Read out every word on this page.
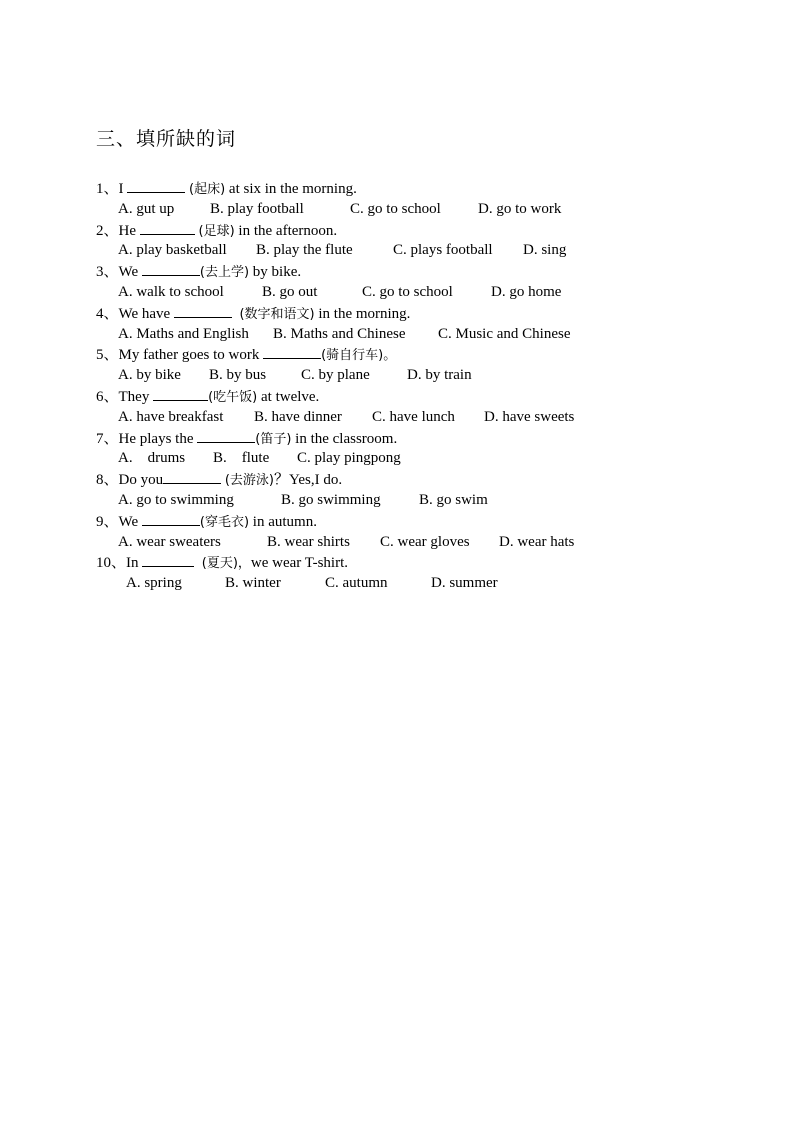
三、填所缺的词
1、I	(起床) at six in the morning.
A. gut up B. play football	C. go to school D. go to work
2、He	(足球) in the afternoon.
A. play basketball B. play the flute	C. plays football D. sing
3、We	(去上学) by bike.
A. walk to school	B. go out	C. go to school	D. go home
4、We have	(数字和语文) in the morning.
A. Maths and English B. Maths and Chinese C. Music and Chinese
5、My father goes to work	(骑自行车)。
A. by bike B. by bus C. by plane D. by train
6、They	(吃午饭) at twelve.
A. have breakfast B. have dinner C. have lunch D. have sweets
7、He plays the	(笛子) in the classroom.
A.    drums B.    flute C. play pingpong
8、Do you	(去游泳)？Yes,I do.
A. go to swimming	B. go swimming	B. go swim
9、We	(穿毛衣) in autumn.
A. wear sweaters	B. wear shirts C. wear gloves D. wear hats
10、In	(夏天)，we wear T-shirt.
A. spring	B. winter	C. autumn	D. summer
